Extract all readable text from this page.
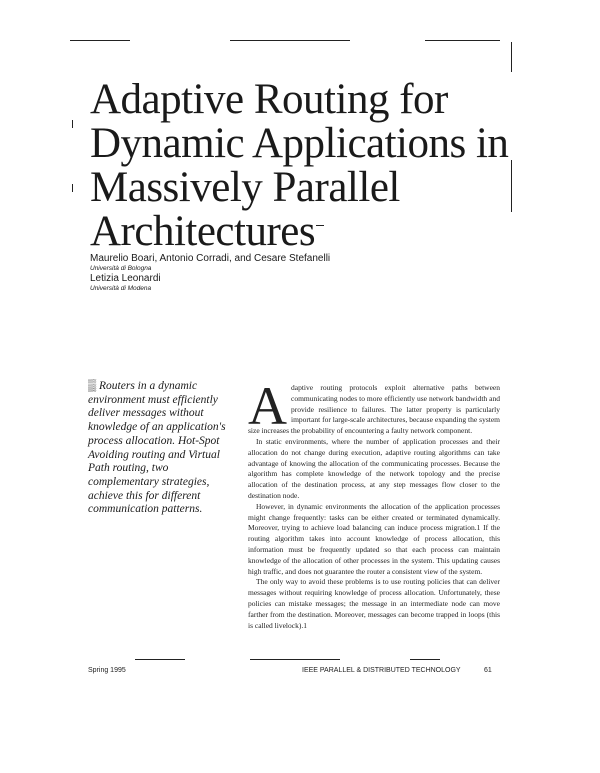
Adaptive Routing for
Dynamic Applications in
Massively Parallel
Architectures
Maurelio Boari, Antonio Corradi, and Cesare Stefanelli
Università di Bologna
Letizia Leonardi
Università di Modena
▒ Routers in a dynamic environment must efficiently deliver messages without knowledge of an application's process allocation. Hot-Spot Avoiding routing and Virtual Path routing, two complementary strategies, achieve this for different communication patterns.

Adaptive routing protocols exploit alternative paths between communicating nodes to more efficiently use network bandwidth and provide resilience to failures. The latter property is particularly important for large-scale architectures, because expanding the system size increases the probability of encountering a faulty network component.

In static environments, where the number of application processes and their allocation do not change during execution, adaptive routing algorithms can take advantage of knowing the allocation of the communicating processes. Because the algorithm has complete knowledge of the network topology and the precise allocation of the destination process, at any step messages flow closer to the destination node.

However, in dynamic environments the allocation of the application processes might change frequently: tasks can be either created or terminated dynamically. Moreover, trying to achieve load balancing can induce process migration.1 If the routing algorithm takes into account knowledge of process allocation, this information must be frequently updated so that each process can maintain knowledge of the allocation of other processes in the system. This updating causes high traffic, and does not guarantee the router a consistent view of the system.

The only way to avoid these problems is to use routing policies that can deliver messages without requiring knowledge of process allocation. Unfortunately, these policies can mistake messages; the message in an intermediate node can move farther from the destination. Moreover, messages can become trapped in loops (this is called livelock).1

Spring 1995	IEEE PARALLEL & DISTRIBUTED TECHNOLOGY	61
